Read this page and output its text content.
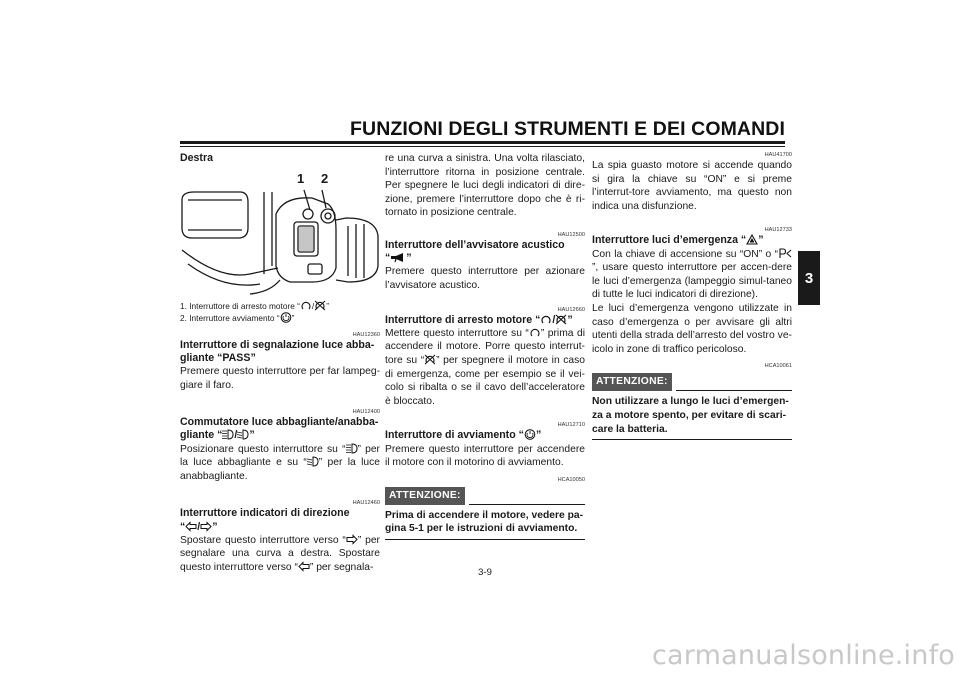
FUNZIONI DEGLI STRUMENTI E DEI COMANDI
3
Destra
1 2
1. Interruttore di arresto motore “ / ”
2. Interruttore avviamento “ ”
HAU12360
Interruttore di segnalazione luce abba-gliante “PASS”

Premere questo interruttore per far lampeg-giare il faro.

HAU12400
Commutatore luce abbagliante/anabba-
gliante “ / ”

Posizionare questo interruttore su “ ” per la luce abbagliante e su “ ” per la luce anabbagliante.

HAU12460
Interruttore indicatori di direzione
“ / ”

Spostare questo interruttore verso “ ” per segnalare una curva a destra. Spostare questo interruttore verso “ ” per segnala-

re una curva a sinistra. Una volta rilasciato, l’interruttore ritorna in posizione centrale. Per spegnere le luci degli indicatori di dire-zione, premere l’interruttore dopo che è ri-tornato in posizione centrale.

HAU12500
Interruttore dell’avvisatore acustico
“ ”

Premere questo interruttore per azionare l’avvisatore acustico.

HAU12660
Interruttore di arresto motore “ / ”

Mettere questo interruttore su “ ” prima di accendere il motore. Porre questo interrut-tore su “ ” per spegnere il motore in caso di emergenza, come per esempio se il vei-colo si ribalta o se il cavo dell’acceleratore è bloccato.

HAU12710
Interruttore di avviamento “ ”

Premere questo interruttore per accendere il motore con il motorino di avviamento.

HCA10050
ATTENZIONE:
Prima di accendere il motore, vedere pa-gina 5-1 per le istruzioni di avviamento.
HAU41700

La spia guasto motore si accende quando si gira la chiave su “ON” e si preme l’interrut-tore avviamento, ma questo non indica una disfunzione.

HAU12733
Interruttore luci d’emergenza “ ”

Con la chiave di accensione su “ON” o “
”, usare questo interruttore per accen-dere le luci d’emergenza (lampeggio simul-taneo di tutte le luci indicatori di direzione).

Le luci d’emergenza vengono utilizzate in caso d’emergenza o per avvisare gli altri utenti della strada dell’arresto del vostro ve-icolo in zone di traffico pericoloso.

HCA10061
ATTENZIONE:
Non utilizzare a lungo le luci d’emergen-za a motore spento, per evitare di scari-care la batteria.
3-9
carmanualsonline.info
